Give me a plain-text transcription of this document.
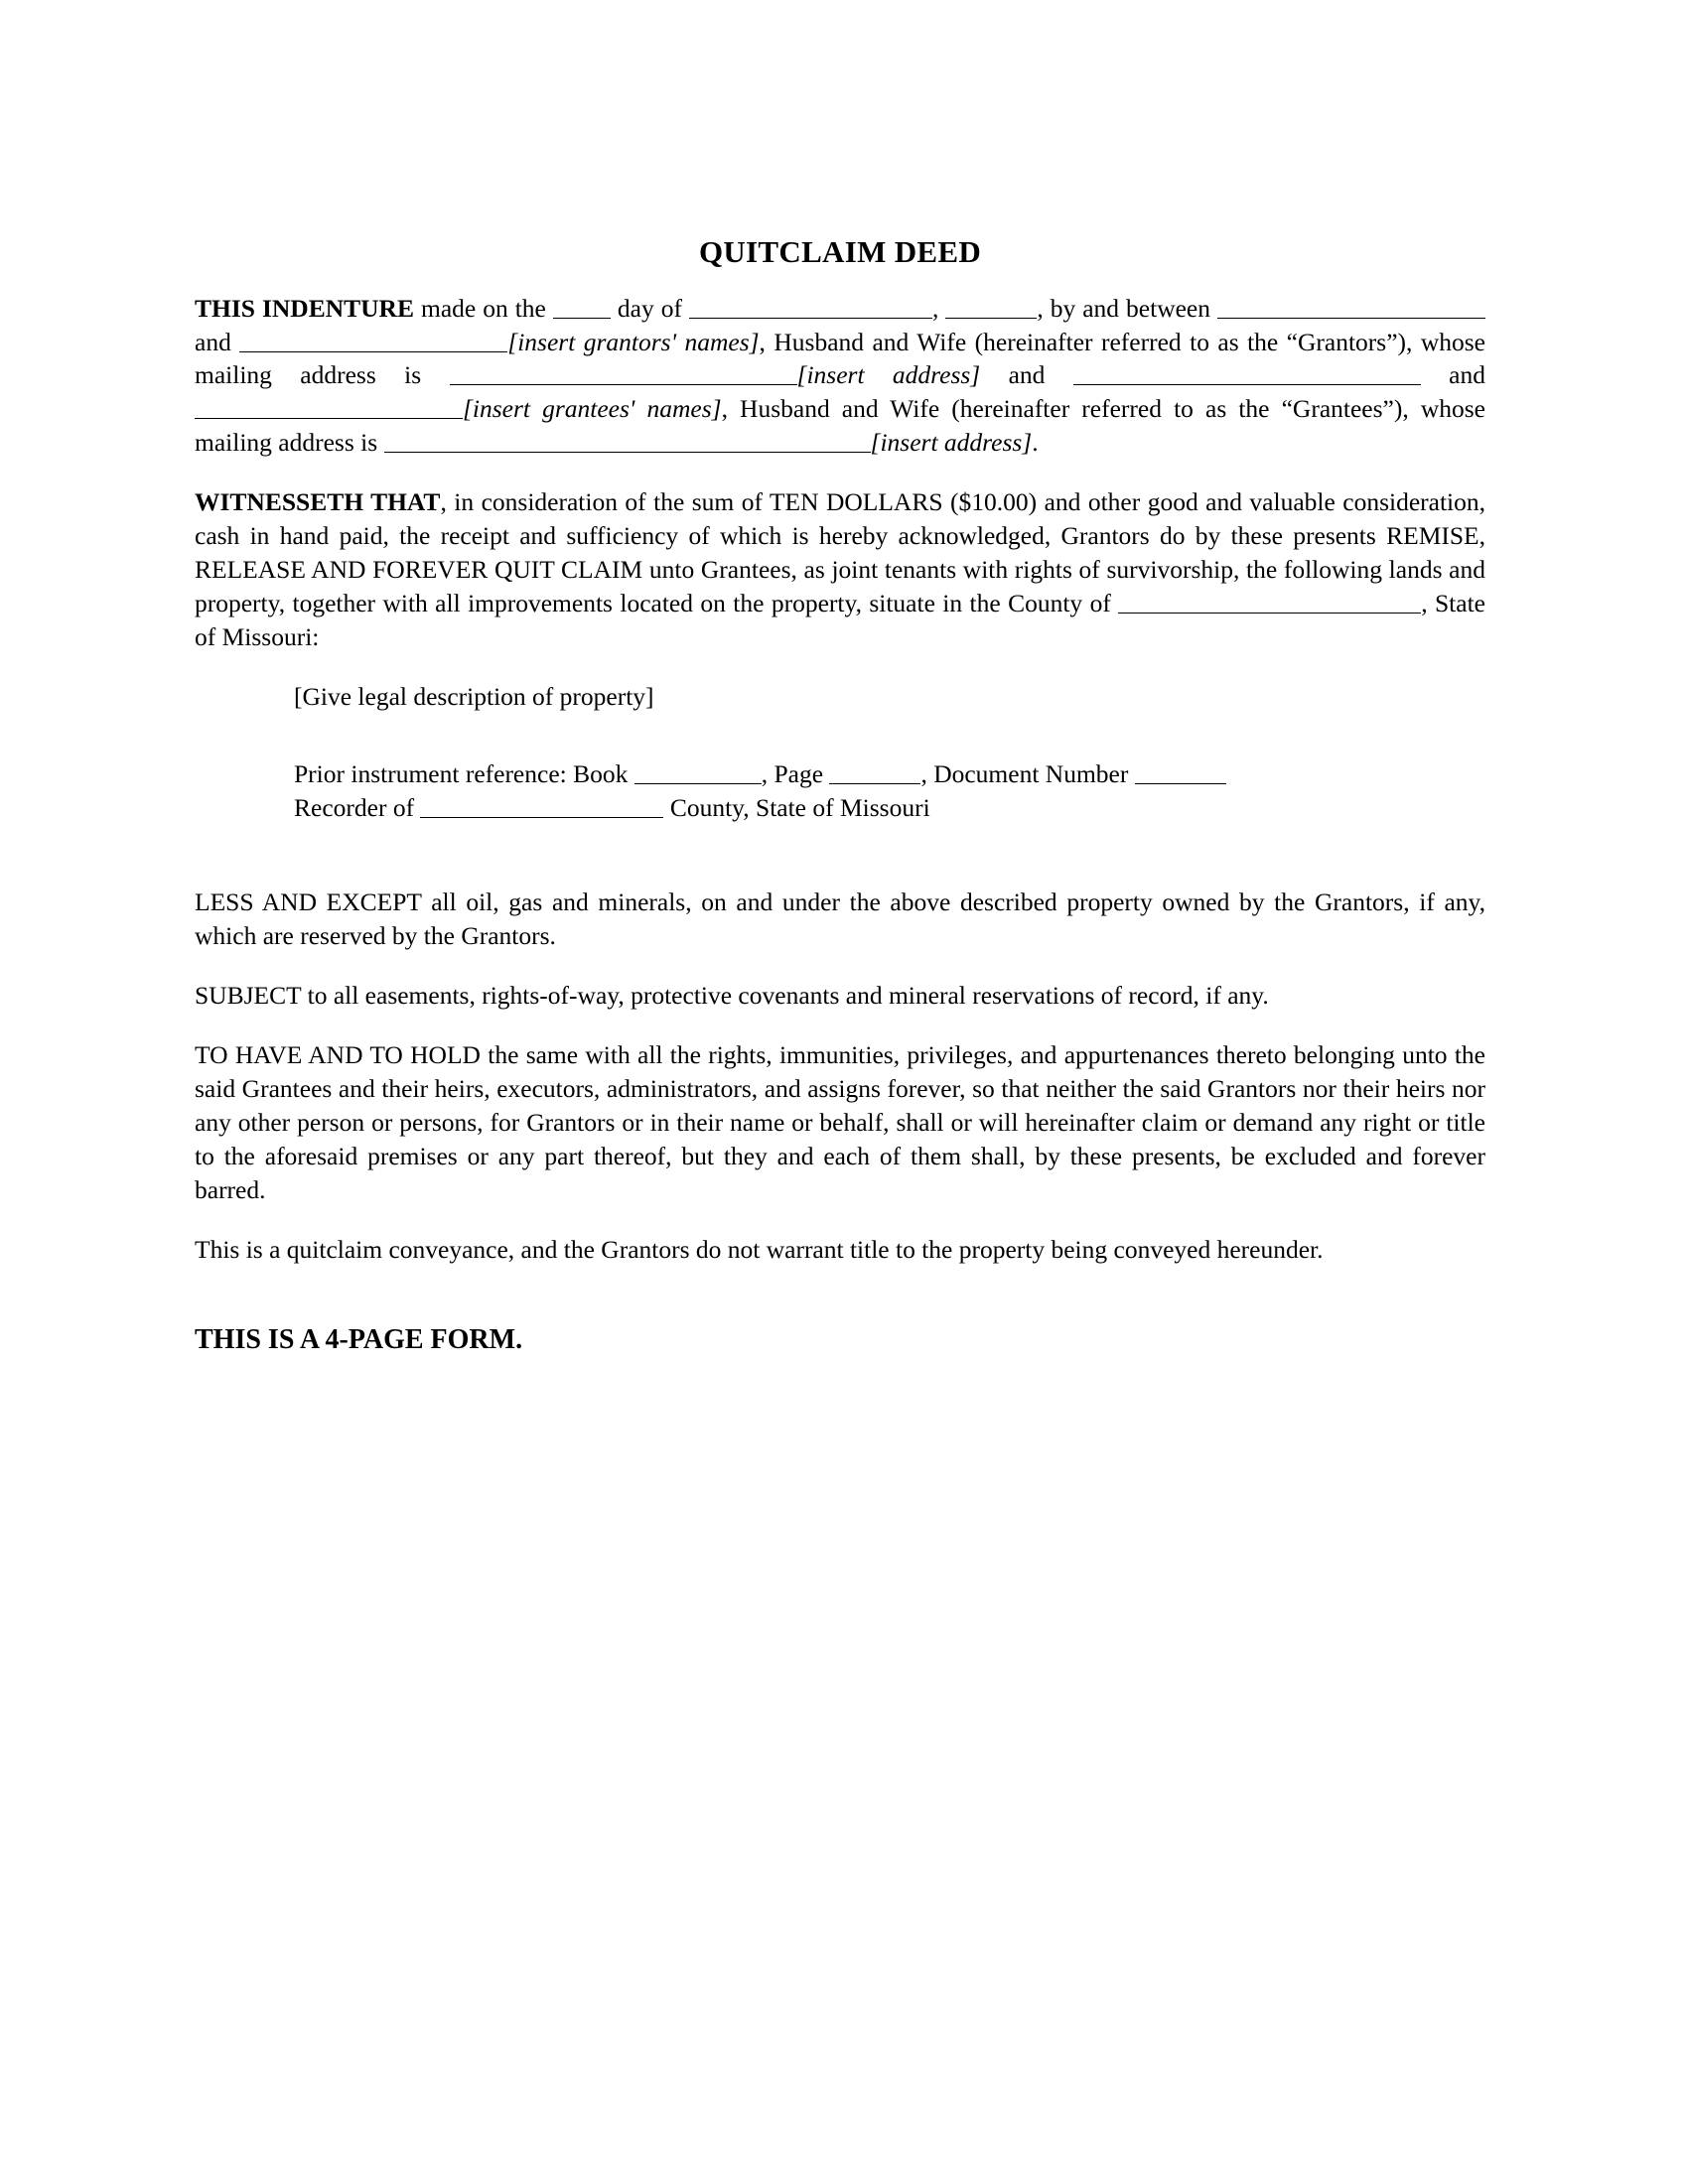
QUITCLAIM DEED

THIS INDENTURE made on the  day of	,	, by and between  and	[insert grantors' names], Husband and Wife (hereinafter referred to as the “Grantors”), whose mailing address is	[insert address] and	and [insert grantees' names], Husband and Wife (hereinafter referred to as the “Grantees”), whose mailing address is	[insert address].

WITNESSETH THAT, in consideration of the sum of TEN DOLLARS ($10.00) and other good and valuable consideration, cash in hand paid, the receipt and sufficiency of which is hereby acknowledged, Grantors do by these presents REMISE, RELEASE AND FOREVER QUIT CLAIM unto Grantees, as joint tenants with rights of survivorship, the following lands and property, together with all improvements located on the property, situate in the County of	, State of Missouri:

[Give legal description of property]

Prior instrument reference: Book	, Page	, Document Number

Recorder of	County, State of Missouri

LESS AND EXCEPT all oil, gas and minerals, on and under the above described property owned by the Grantors, if any, which are reserved by the Grantors.

SUBJECT to all easements, rights-of-way, protective covenants and mineral reservations of record, if any.

TO HAVE AND TO HOLD the same with all the rights, immunities, privileges, and appurtenances thereto belonging unto the said Grantees and their heirs, executors, administrators, and assigns forever, so that neither the said Grantors nor their heirs nor any other person or persons, for Grantors or in their name or behalf, shall or will hereinafter claim or demand any right or title to the aforesaid premises or any part thereof, but they and each of them shall, by these presents, be excluded and forever barred.

This is a quitclaim conveyance, and the Grantors do not warrant title to the property being conveyed hereunder.

THIS IS A 4-PAGE FORM.
